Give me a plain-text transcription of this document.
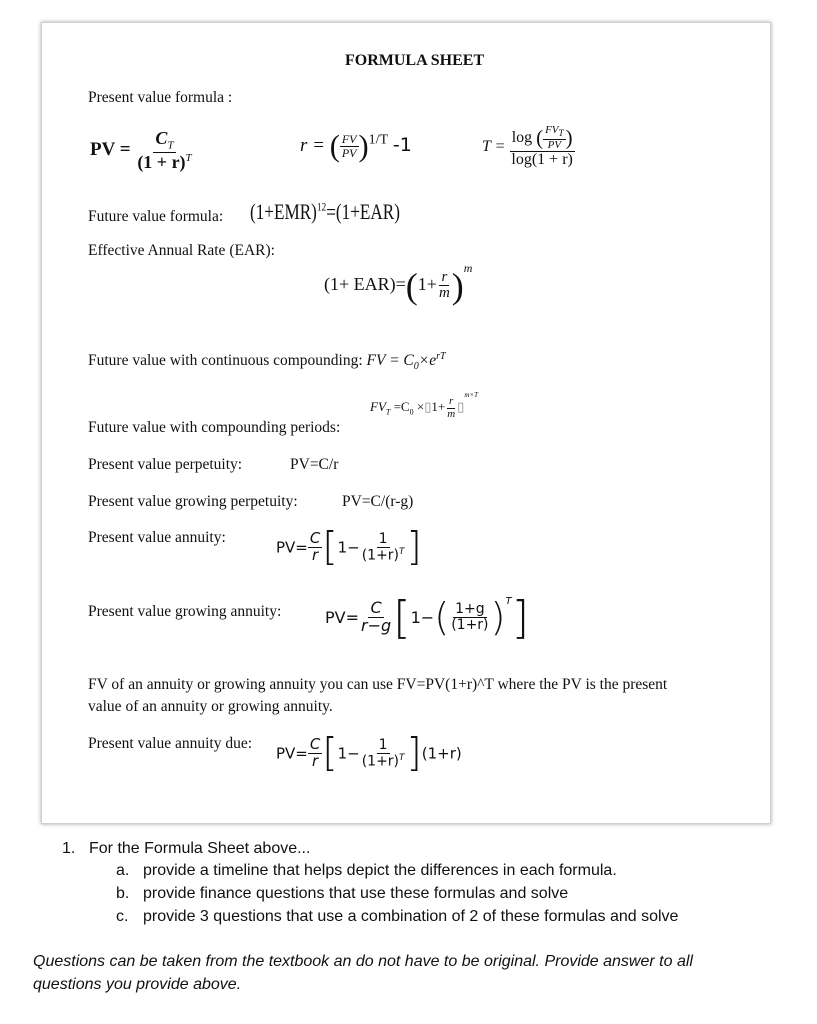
FORMULA SHEET
Present value formula :
PV = $\frac{C_T}{(1 + r)^T}$	r = ( $\frac{FV}{PV} )^{1/T}$ -1	$T = \frac{\log ( \frac{FV_T}{PV} )}{\log(1 + r)}$
Future value formula: $(1+EMR)^{12}=(1+EAR)$
Effective Annual Rate (EAR):
$(1+ EAR)=(1+ \frac{r}{m} )^m$
Future value with continuous compounding: FV = $C_0\times e^{rT}$
$FV_T =C_0$ ×▯1+ $\frac{r}{m}$ ▯$^{m\times T}$
Future value with compounding periods:
Present value perpetuity:	PV=C/r
Present value growing perpetuity:	PV=C/(r-g)
Present value annuity:
$PV= \frac{C}{r} [1- \frac{1}{(1+r)^T}$ ]
Present value growing annuity:	$PV= \frac{C}{r-g} [1-( \frac{1+g}{(1+r)} )^T]$
FV of an annuity or growing annuity you can use FV=PV(1+r)^T where the PV is the present
value of an annuity or growing annuity.
Present value annuity due:
$PV= \frac{C}{r} [1- \frac{1}{(1+r)^T} ](1+r)$
1. For the Formula Sheet above...
a. provide a timeline that helps depict the differences in each formula.
b. provide finance questions that use these formulas and solve
c. provide 3 questions that use a combination of 2 of these formulas and solve
Questions can be taken from the textbook an do not have to be original. Provide answer to all
questions you provide above.
